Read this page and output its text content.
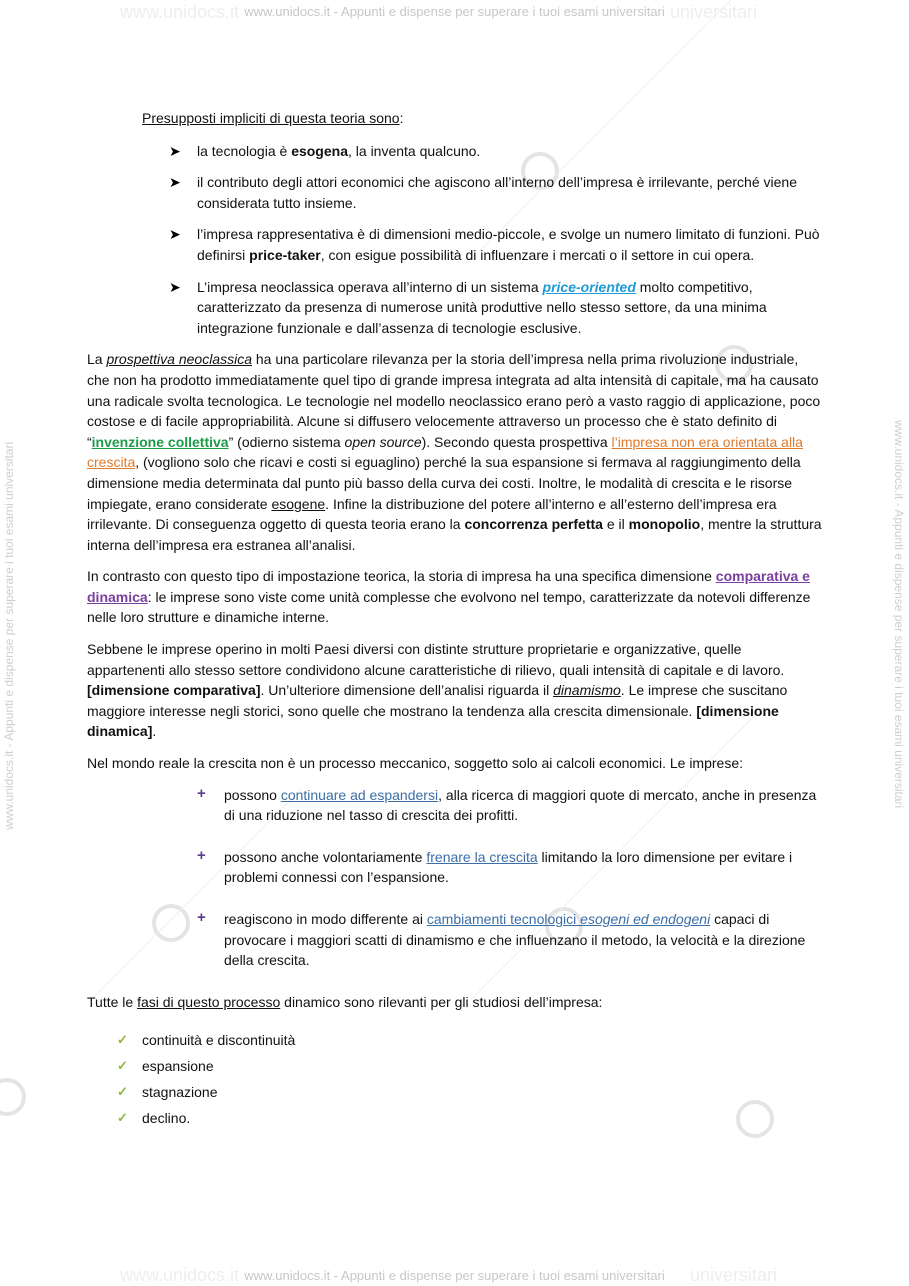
www.unidocs.it	universitari
www.unidocs.it - Appunti e dispense per superare i tuoi esami universitari
www.unidocs.it	universitari
www.unidocs.it - Appunti e dispense per superare i tuoi esami universitari
www.unidocs.it - Appunti e dispense per superare i tuoi esami universitari	www.unidocs.it - Appunti e dispense per superare i tuoi esami universitari
Presupposti impliciti di questa teoria sono:
➤ la tecnologia è esogena, la inventa qualcuno.
➤ il contributo degli attori economici che agiscono all’interno dell’impresa è irrilevante, perché viene considerata tutto insieme.
➤ l’impresa rappresentativa è di dimensioni medio-piccole, e svolge un numero limitato di funzioni. Può definirsi price-taker, con esigue possibilità di influenzare i mercati o il settore in cui opera.
➤ L’impresa neoclassica operava all’interno di un sistema price-oriented molto competitivo, caratterizzato da presenza di numerose unità produttive nello stesso settore, da una minima integrazione funzionale e dall’assenza di tecnologie esclusive.

La prospettiva neoclassica ha una particolare rilevanza per la storia dell’impresa nella prima rivoluzione industriale, che non ha prodotto immediatamente quel tipo di grande impresa integrata ad alta intensità di capitale, ma ha causato una radicale svolta tecnologica. Le tecnologie nel modello neoclassico erano però a vasto raggio di applicazione, poco costose e di facile appropriabilità. Alcune si diffusero velocemente attraverso un processo che è stato definito di “invenzione collettiva” (odierno sistema open source). Secondo questa prospettiva l’impresa non era orientata alla crescita, (vogliono solo che ricavi e costi si eguaglino) perché la sua espansione si fermava al raggiungimento della dimensione media determinata dal punto più basso della curva dei costi. Inoltre, le modalità di crescita e le risorse impiegate, erano considerate esogene. Infine la distribuzione del potere all’interno e all’esterno dell’impresa era irrilevante. Di conseguenza oggetto di questa teoria erano la concorrenza perfetta e il monopolio, mentre la struttura interna dell’impresa era estranea all’analisi.

In contrasto con questo tipo di impostazione teorica, la storia di impresa ha una specifica dimensione comparativa e dinamica: le imprese sono viste come unità complesse che evolvono nel tempo, caratterizzate da notevoli differenze nelle loro strutture e dinamiche interne.

Sebbene le imprese operino in molti Paesi diversi con distinte strutture proprietarie e organizzative, quelle appartenenti allo stesso settore condividono alcune caratteristiche di rilievo, quali intensità di capitale e di lavoro. [dimensione comparativa]. Un’ulteriore dimensione dell’analisi riguarda il dinamismo. Le imprese che suscitano maggiore interesse negli storici, sono quelle che mostrano la tendenza alla crescita dimensionale. [dimensione dinamica].

Nel mondo reale la crescita non è un processo meccanico, soggetto solo ai calcoli economici. Le imprese:

+ possono continuare ad espandersi, alla ricerca di maggiori quote di mercato, anche in presenza di una riduzione nel tasso di crescita dei profitti.
+ possono anche volontariamente frenare la crescita limitando la loro dimensione per evitare i problemi connessi con l’espansione.
+ reagiscono in modo differente ai cambiamenti tecnologici esogeni ed endogeni capaci di provocare i maggiori scatti di dinamismo e che influenzano il metodo, la velocità e la direzione della crescita.

Tutte le fasi di questo processo dinamico sono rilevanti per gli studiosi dell’impresa:

✓ continuità e discontinuità
✓ espansione
✓ stagnazione
✓ declino.
